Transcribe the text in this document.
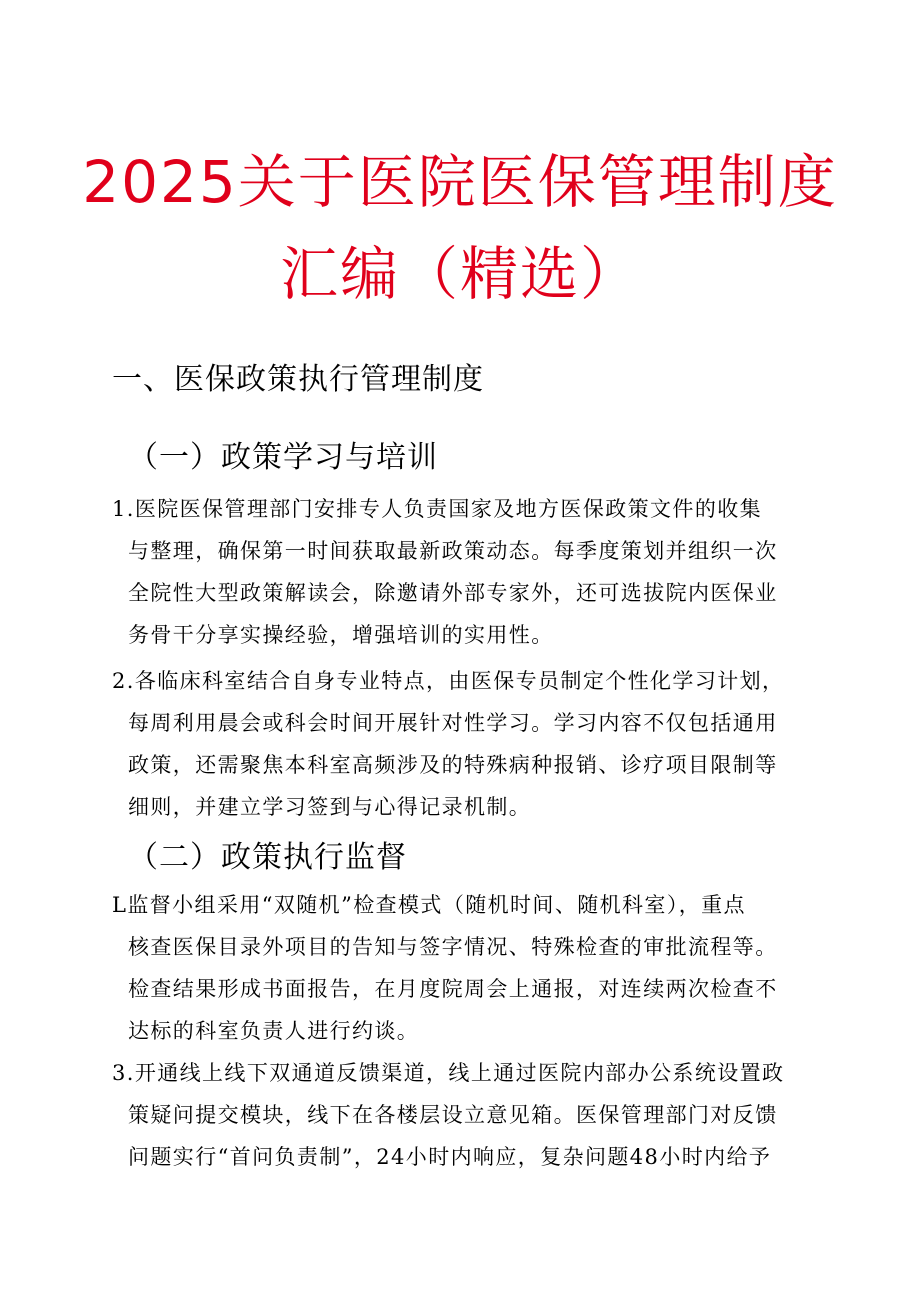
2025关于医院医保管理制度
汇编（精选）
一、医保政策执行管理制度
（一）政策学习与培训
1.医院医保管理部门安排专人负责国家及地方医保政策文件的收集
与整理，确保第一时间获取最新政策动态。每季度策划并组织一次
全院性大型政策解读会，除邀请外部专家外，还可选拔院内医保业
务骨干分享实操经验，增强培训的实用性。
2.各临床科室结合自身专业特点，由医保专员制定个性化学习计划，
每周利用晨会或科会时间开展针对性学习。学习内容不仅包括通用
政策，还需聚焦本科室高频涉及的特殊病种报销、诊疗项目限制等
细则，并建立学习签到与心得记录机制。
（二）政策执行监督
L监督小组采用“双随机”检查模式（随机时间、随机科室），重点
核查医保目录外项目的告知与签字情况、特殊检查的审批流程等。
检查结果形成书面报告，在月度院周会上通报，对连续两次检查不
达标的科室负责人进行约谈。
3.开通线上线下双通道反馈渠道，线上通过医院内部办公系统设置政
策疑问提交模块，线下在各楼层设立意见箱。医保管理部门对反馈
问题实行“首问负责制”，24小时内响应，复杂问题48小时内给予
